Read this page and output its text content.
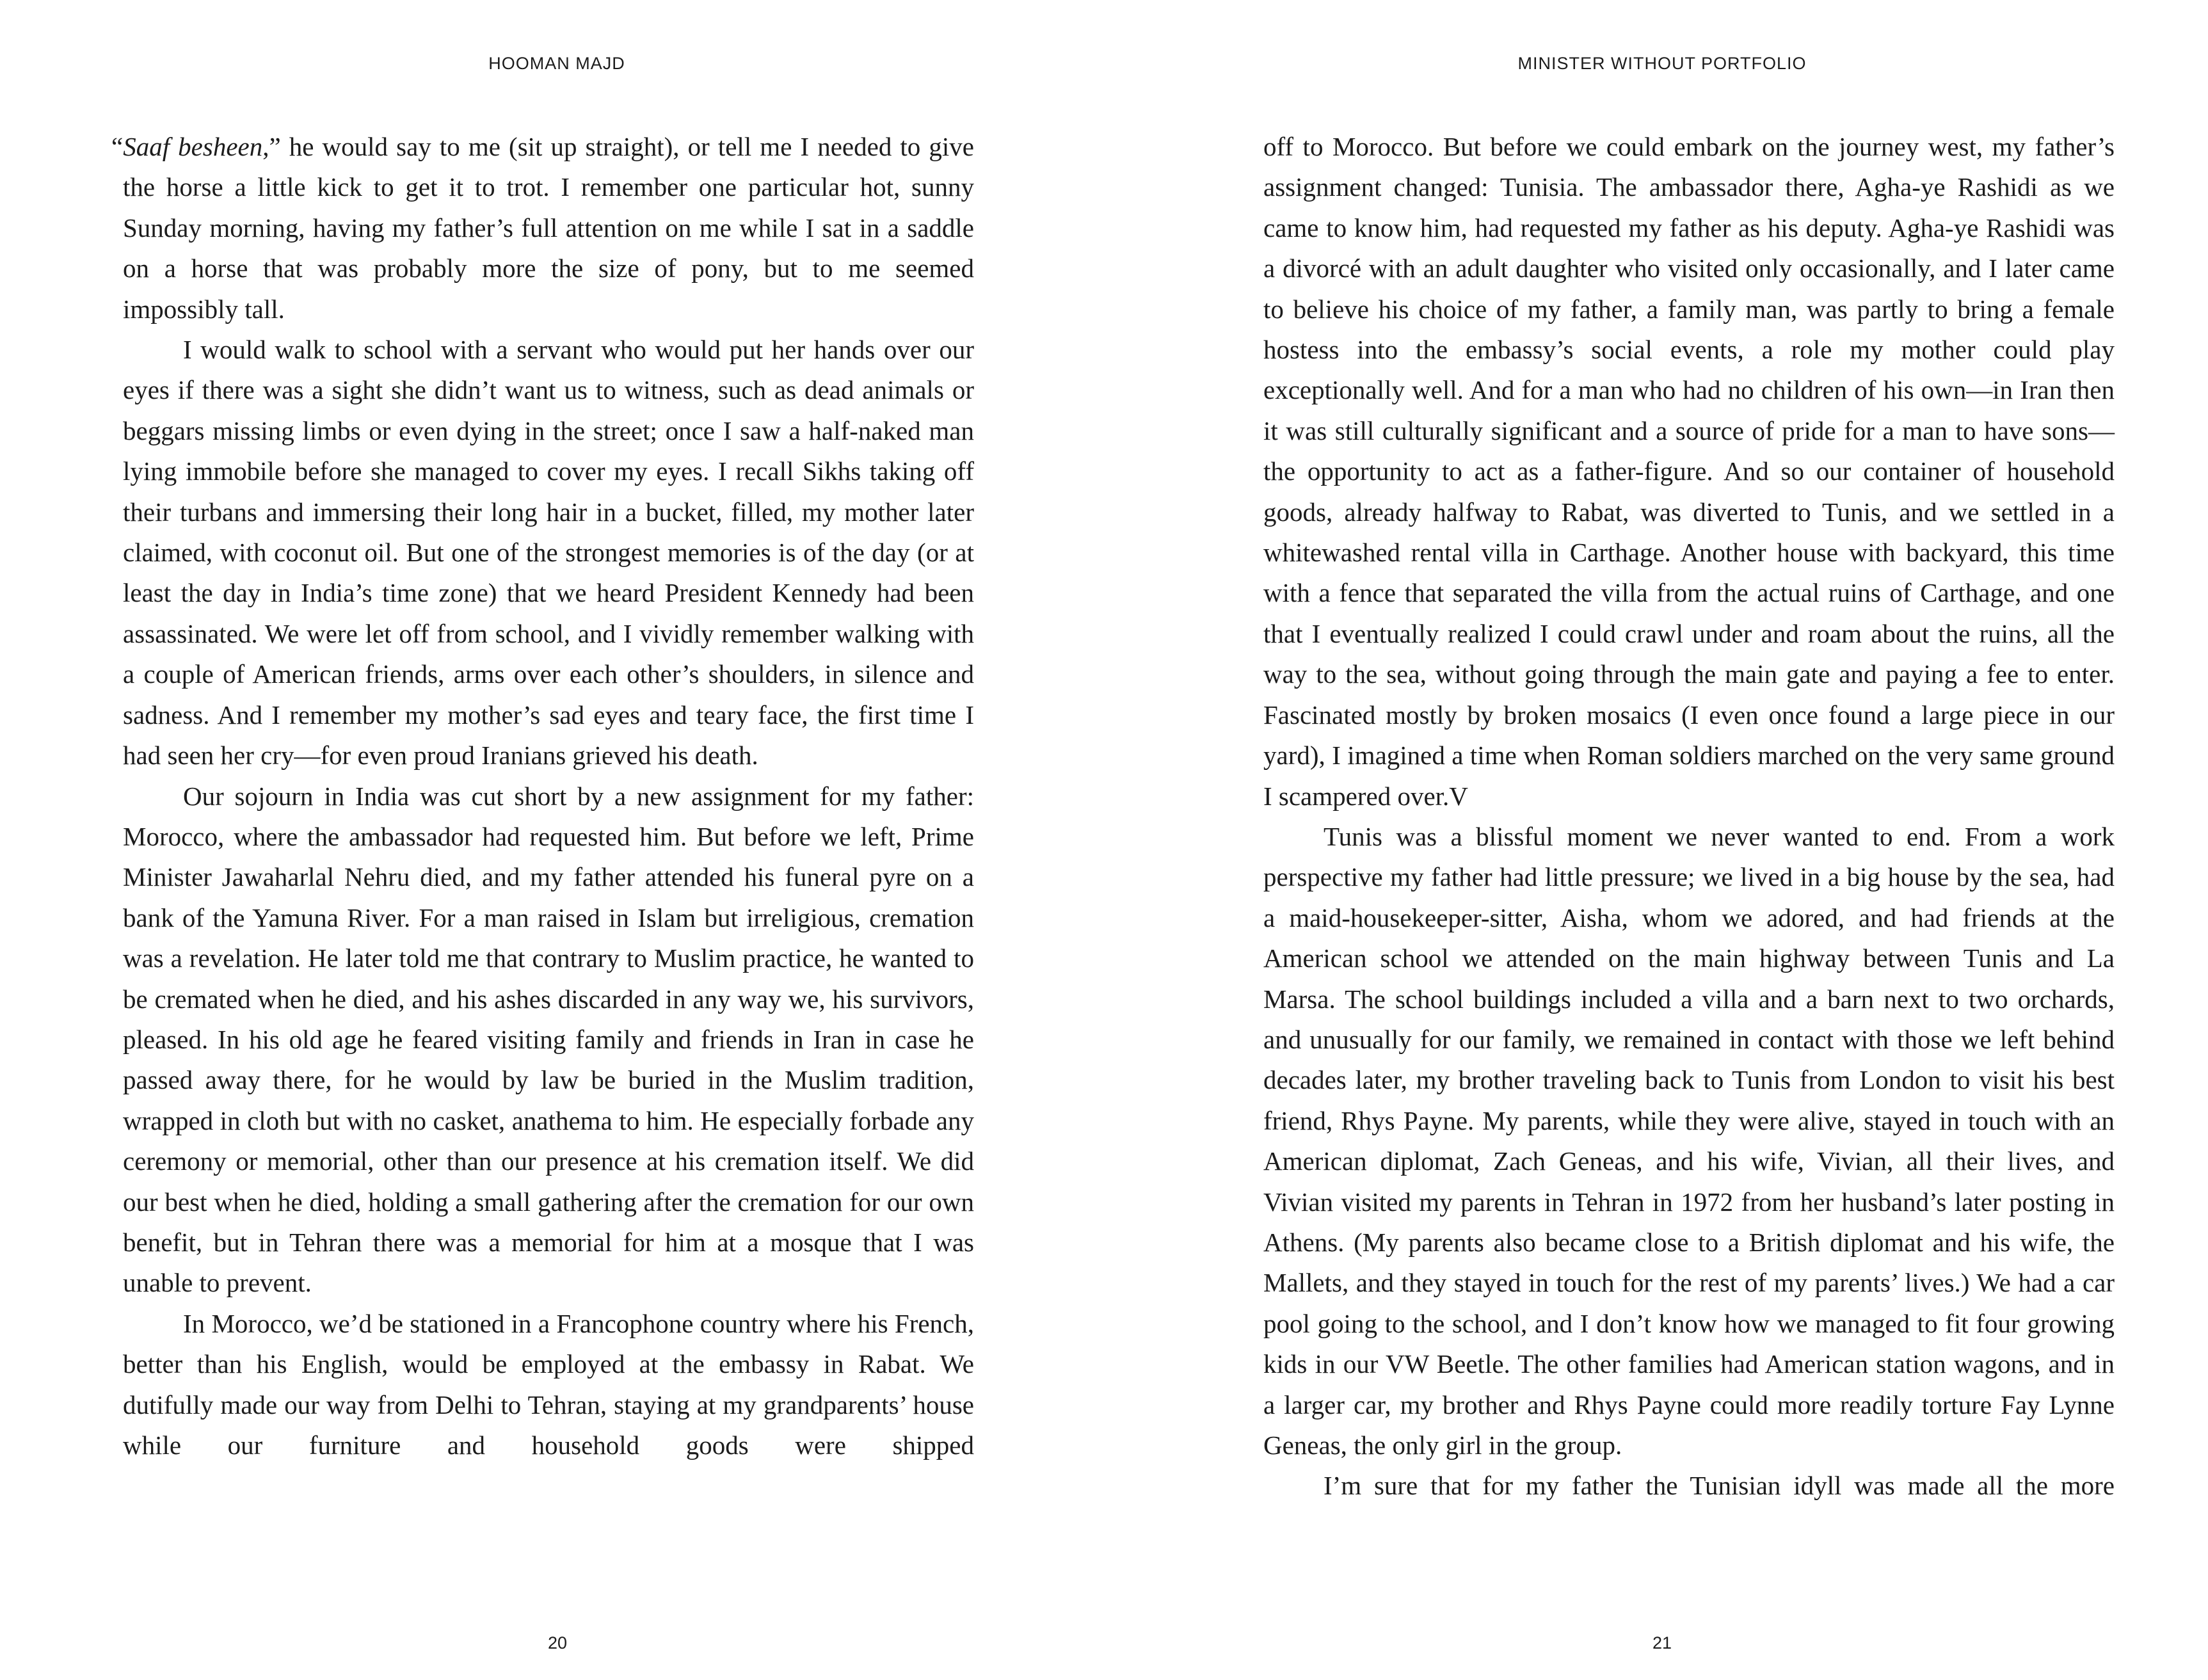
HOOMAN MAJD

“Saaf besheen,” he would say to me (sit up straight), or tell me I needed to give the horse a little kick to get it to trot. I remember one particular hot, sunny Sunday morning, having my father’s full attention on me while I sat in a saddle on a horse that was probably more the size of pony, but to me seemed impossibly tall.

I would walk to school with a servant who would put her hands over our eyes if there was a sight she didn’t want us to witness, such as dead animals or beggars missing limbs or even dying in the street; once I saw a half-naked man lying immobile before she managed to cover my eyes. I recall Sikhs taking off their turbans and immersing their long hair in a bucket, filled, my mother later claimed, with coconut oil. But one of the strongest memories is of the day (or at least the day in India’s time zone) that we heard President Kennedy had been assassinated. We were let off from school, and I vividly remember walking with a couple of American friends, arms over each other’s shoulders, in silence and sadness. And I remember my mother’s sad eyes and teary face, the first time I had seen her cry—for even proud Iranians grieved his death.

Our sojourn in India was cut short by a new assignment for my father: Morocco, where the ambassador had requested him. But before we left, Prime Minister Jawaharlal Nehru died, and my father attended his funeral pyre on a bank of the Yamuna River. For a man raised in Islam but irreligious, cremation was a revelation. He later told me that contrary to Muslim practice, he wanted to be cremated when he died, and his ashes discarded in any way we, his survivors, pleased. In his old age he feared visiting family and friends in Iran in case he passed away there, for he would by law be buried in the Muslim tradition, wrapped in cloth but with no casket, anathema to him. He especially forbade any ceremony or memorial, other than our presence at his cremation itself. We did our best when he died, holding a small gathering after the cremation for our own benefit, but in Tehran there was a memorial for him at a mosque that I was unable to prevent.

In Morocco, we’d be stationed in a Francophone country where his French, better than his English, would be employed at the embassy in Rabat. We dutifully made our way from Delhi to Tehran, staying at my grandparents’ house while our furniture and household goods were shipped

20
MINISTER WITHOUT PORTFOLIO

off to Morocco. But before we could embark on the journey west, my father’s assignment changed: Tunisia. The ambassador there, Agha-ye Rashidi as we came to know him, had requested my father as his deputy. Agha-ye Rashidi was a divorcé with an adult daughter who visited only occasionally, and I later came to believe his choice of my father, a family man, was partly to bring a female hostess into the embassy’s social events, a role my mother could play exceptionally well. And for a man who had no children of his own—in Iran then it was still culturally significant and a source of pride for a man to have sons—the opportunity to act as a father-figure. And so our container of household goods, already halfway to Rabat, was diverted to Tunis, and we settled in a whitewashed rental villa in Carthage. Another house with backyard, this time with a fence that separated the villa from the actual ruins of Carthage, and one that I eventually realized I could crawl under and roam about the ruins, all the way to the sea, without going through the main gate and paying a fee to enter. Fascinated mostly by broken mosaics (I even once found a large piece in our yard), I imagined a time when Roman soldiers marched on the very same ground I scampered over.V

Tunis was a blissful moment we never wanted to end. From a work perspective my father had little pressure; we lived in a big house by the sea, had a maid-housekeeper-sitter, Aisha, whom we adored, and had friends at the American school we attended on the main highway between Tunis and La Marsa. The school buildings included a villa and a barn next to two orchards, and unusually for our family, we remained in contact with those we left behind decades later, my brother traveling back to Tunis from London to visit his best friend, Rhys Payne. My parents, while they were alive, stayed in touch with an American diplomat, Zach Geneas, and his wife, Vivian, all their lives, and Vivian visited my parents in Tehran in 1972 from her husband’s later posting in Athens. (My parents also became close to a British diplomat and his wife, the Mallets, and they stayed in touch for the rest of my parents’ lives.) We had a car pool going to the school, and I don’t know how we managed to fit four growing kids in our VW Beetle. The other families had American station wagons, and in a larger car, my brother and Rhys Payne could more readily torture Fay Lynne Geneas, the only girl in the group.

I’m sure that for my father the Tunisian idyll was made all the more

21
